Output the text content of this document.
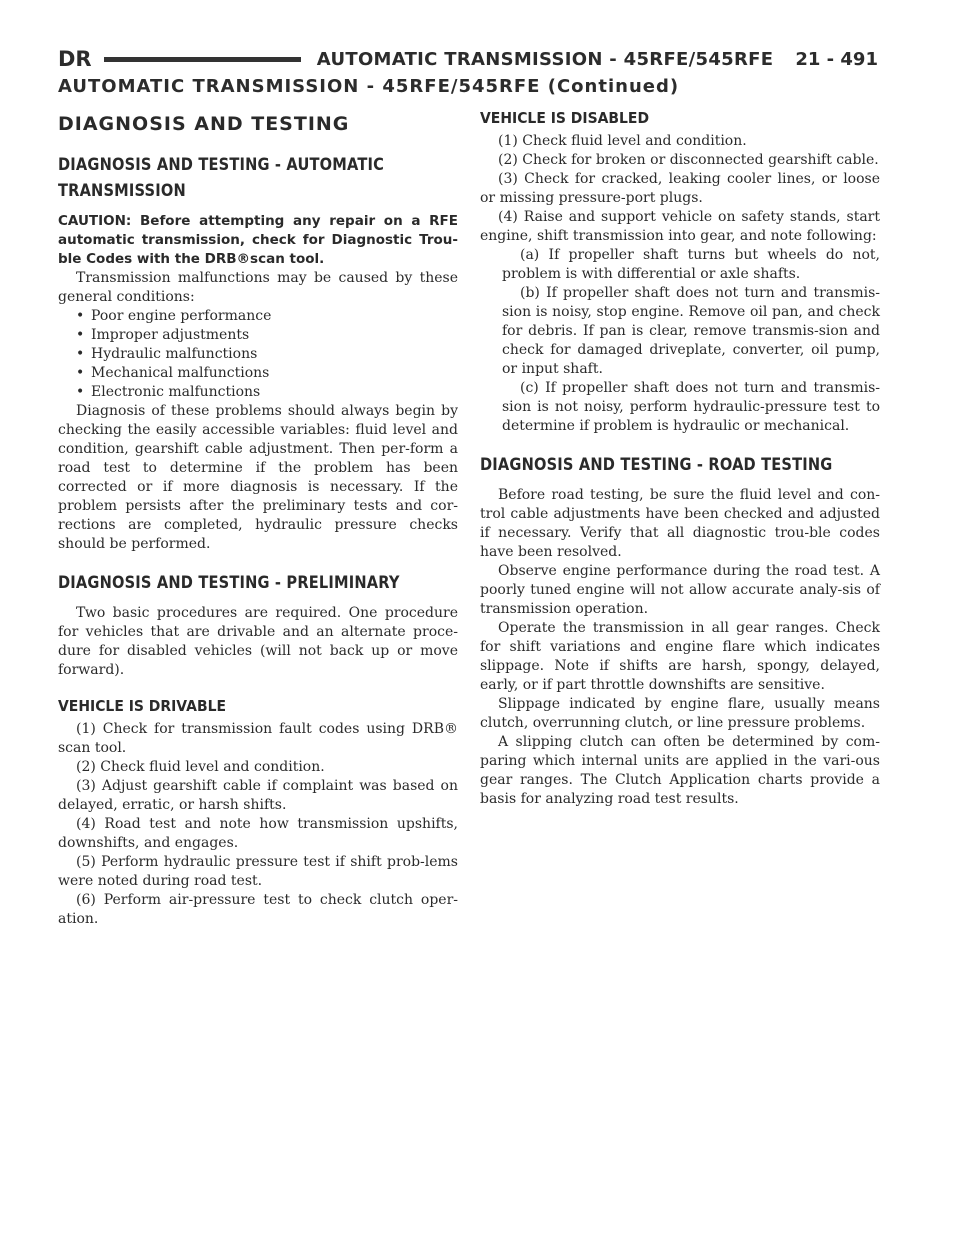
DR	AUTOMATIC TRANSMISSION - 45RFE/545RFE 21 - 491
AUTOMATIC TRANSMISSION - 45RFE/545RFE (Continued)
DIAGNOSIS AND TESTING
DIAGNOSIS AND TESTING - AUTOMATIC
TRANSMISSION

CAUTION: Before attempting any repair on a RFE automatic transmission, check for Diagnostic Trou-ble Codes with the DRB®scan tool.

Transmission malfunctions may be caused by these general conditions:

• Poor engine performance
• Improper adjustments
• Hydraulic malfunctions
• Mechanical malfunctions
• Electronic malfunctions

Diagnosis of these problems should always begin by checking the easily accessible variables: fluid level and condition, gearshift cable adjustment. Then per-form a road test to determine if the problem has been corrected or if more diagnosis is necessary. If the problem persists after the preliminary tests and cor-rections are completed, hydraulic pressure checks should be performed.

DIAGNOSIS AND TESTING - PRELIMINARY

Two basic procedures are required. One procedure for vehicles that are drivable and an alternate proce-dure for disabled vehicles (will not back up or move forward).

VEHICLE IS DRIVABLE

(1) Check for transmission fault codes using DRB® scan tool.

(2) Check fluid level and condition.

(3) Adjust gearshift cable if complaint was based on delayed, erratic, or harsh shifts.

(4) Road test and note how transmission upshifts, downshifts, and engages.

(5) Perform hydraulic pressure test if shift prob-lems were noted during road test.

(6) Perform air-pressure test to check clutch oper-ation.

VEHICLE IS DISABLED

(1) Check fluid level and condition.

(2) Check for broken or disconnected gearshift cable.

(3) Check for cracked, leaking cooler lines, or loose or missing pressure-port plugs.

(4) Raise and support vehicle on safety stands, start engine, shift transmission into gear, and note following:

(a) If propeller shaft turns but wheels do not, problem is with differential or axle shafts.

(b) If propeller shaft does not turn and transmis-sion is noisy, stop engine. Remove oil pan, and check for debris. If pan is clear, remove transmis-sion and check for damaged driveplate, converter, oil pump, or input shaft.

(c) If propeller shaft does not turn and transmis-sion is not noisy, perform hydraulic-pressure test to determine if problem is hydraulic or mechanical.

DIAGNOSIS AND TESTING - ROAD TESTING

Before road testing, be sure the fluid level and con-trol cable adjustments have been checked and adjusted if necessary. Verify that all diagnostic trou-ble codes have been resolved.

Observe engine performance during the road test. A poorly tuned engine will not allow accurate analy-sis of transmission operation.

Operate the transmission in all gear ranges. Check for shift variations and engine flare which indicates slippage. Note if shifts are harsh, spongy, delayed, early, or if part throttle downshifts are sensitive.

Slippage indicated by engine flare, usually means clutch, overrunning clutch, or line pressure problems.

A slipping clutch can often be determined by com-paring which internal units are applied in the vari-ous gear ranges. The Clutch Application charts provide a basis for analyzing road test results.
